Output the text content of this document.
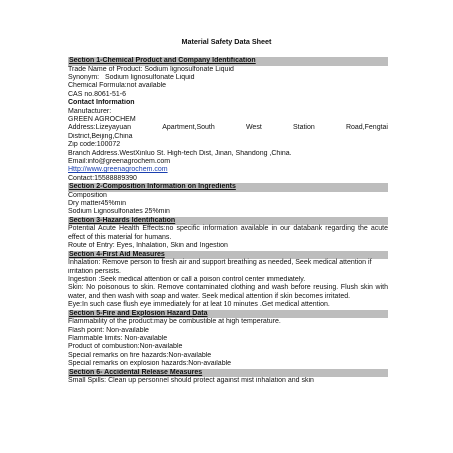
Material Safety Data Sheet
Section 1-Chemical Product and Company Identification
Trade Name of Product: Sodium lignosulfonate Liquid
Synonym:   Sodium lignosulfonate Liquid
Chemical Formula:not available
CAS no.8061-51-6
Contact Information
Manufacturer:
GREEN AGROCHEM
Address:Lizeyayuan	Apartment,South	West	Station	Road,Fengtai
District,Beijing,China
Zip code:100072
Branch Address.WestXinluo St. High-tech Dist, Jinan, Shandong ,China.
Email:info@greenagrochem.com
Http://www.greenagrochem.com
Contact:15588889390
Section 2-Composition Information on Ingredients
Composition
Dry matter45%min
Sodium Lignosulfonates 25%min
Section 3-Hazards Identification
Potential Acute Health Effects:no specific information available in our databank regarding the acute effect of this material for humans.
Route of Entry: Eyes, Inhalation, Skin and Ingestion
Section 4-First Aid Measures
Inhalation: Remove person to fresh air and support breathing as needed, Seek medical attention if
irritation persists.
Ingestion :Seek medical attention or call a poison control center immediately.
Skin: No poisonous to skin. Remove contaminated clothing and wash before reusing. Flush skin with water, and then wash with soap and water. Seek medical attention if skin becomes irritated.
Eye:In such case flush eye immediately for at leat 10 minutes .Get medical attention.
Section 5-Fire and Explosion Hazard Data
Flammability of the product:may be combustible at high temperature.
Flash point: Non-available
Flammable limits: Non-available
Product of combustion:Non-available
Special remarks on fire hazards:Non-available
Special remarks on explosion hazards:Non-available
Section 6- Accidental Release Measures
Small Spills: Clean up personnel should protect against mist inhalation and skin
